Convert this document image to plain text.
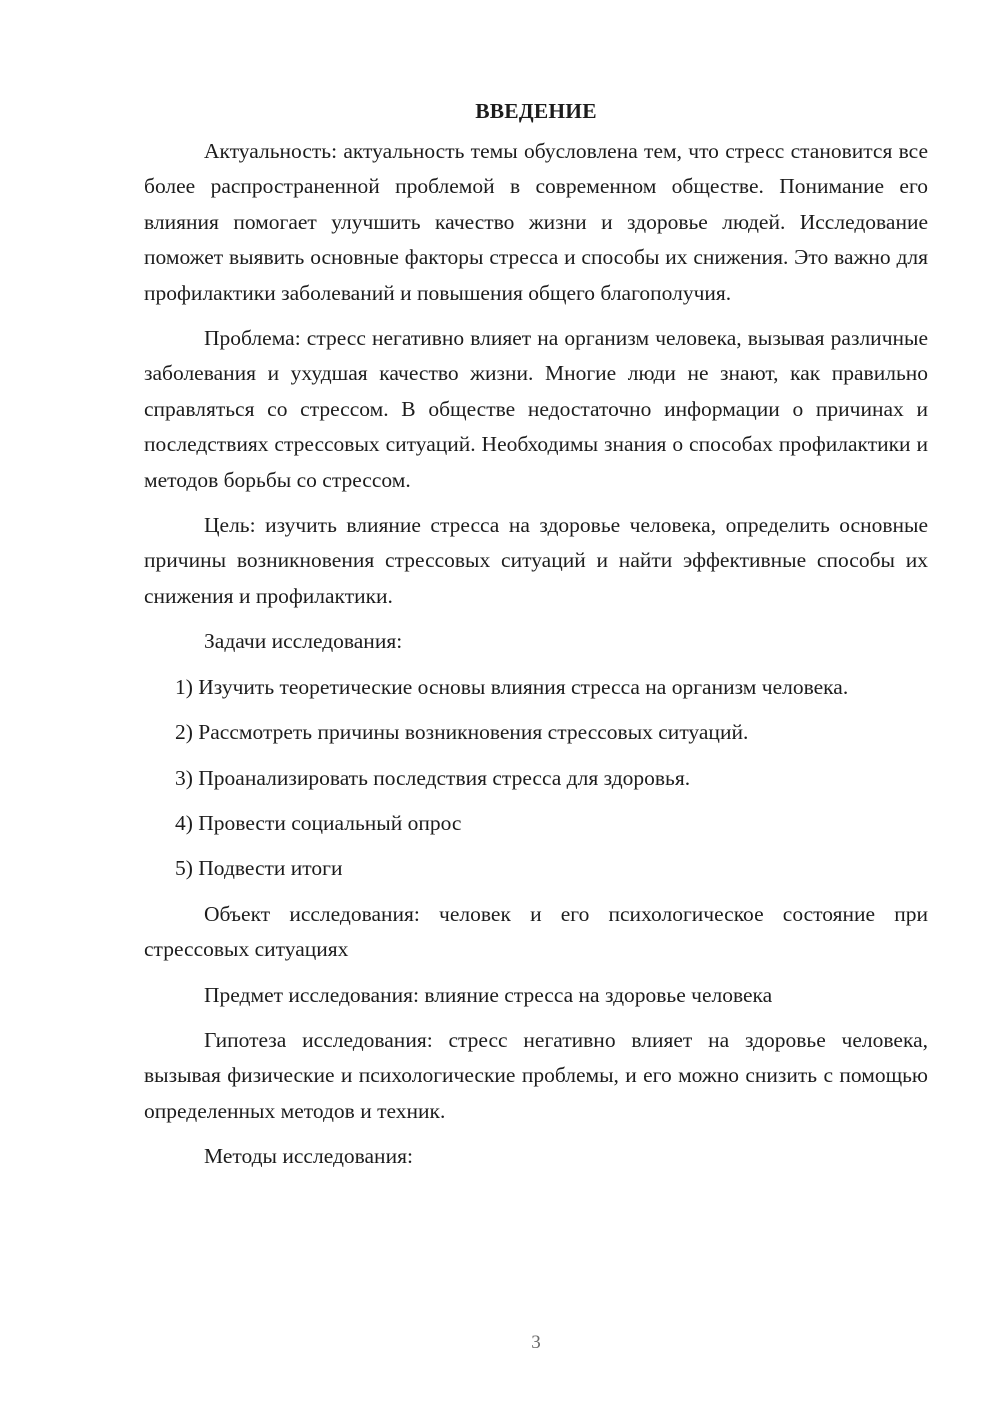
ВВЕДЕНИЕ

Актуальность: актуальность темы обусловлена тем, что стресс становится все более распространенной проблемой в современном обществе. Понимание его влияния помогает улучшить качество жизни и здоровье людей. Исследование поможет выявить основные факторы стресса и способы их снижения. Это важно для профилактики заболеваний и повышения общего благополучия.

Проблема: стресс негативно влияет на организм человека, вызывая различные заболевания и ухудшая качество жизни. Многие люди не знают, как правильно справляться со стрессом. В обществе недостаточно информации о причинах и последствиях стрессовых ситуаций. Необходимы знания о способах профилактики и методов борьбы со стрессом.

Цель: изучить влияние стресса на здоровье человека, определить основные причины возникновения стрессовых ситуаций и найти эффективные способы их снижения и профилактики.

Задачи исследования:

1) Изучить теоретические основы влияния стресса на организм человека.

2) Рассмотреть причины возникновения стрессовых ситуаций.

3) Проанализировать последствия стресса для здоровья.

4) Провести социальный опрос

5) Подвести итоги

Объект исследования: человек и его психологическое состояние при стрессовых ситуациях

Предмет исследования: влияние стресса на здоровье человека

Гипотеза исследования: стресс негативно влияет на здоровье человека, вызывая физические и психологические проблемы, и его можно снизить с помощью определенных методов и техник.

Методы исследования:

3
